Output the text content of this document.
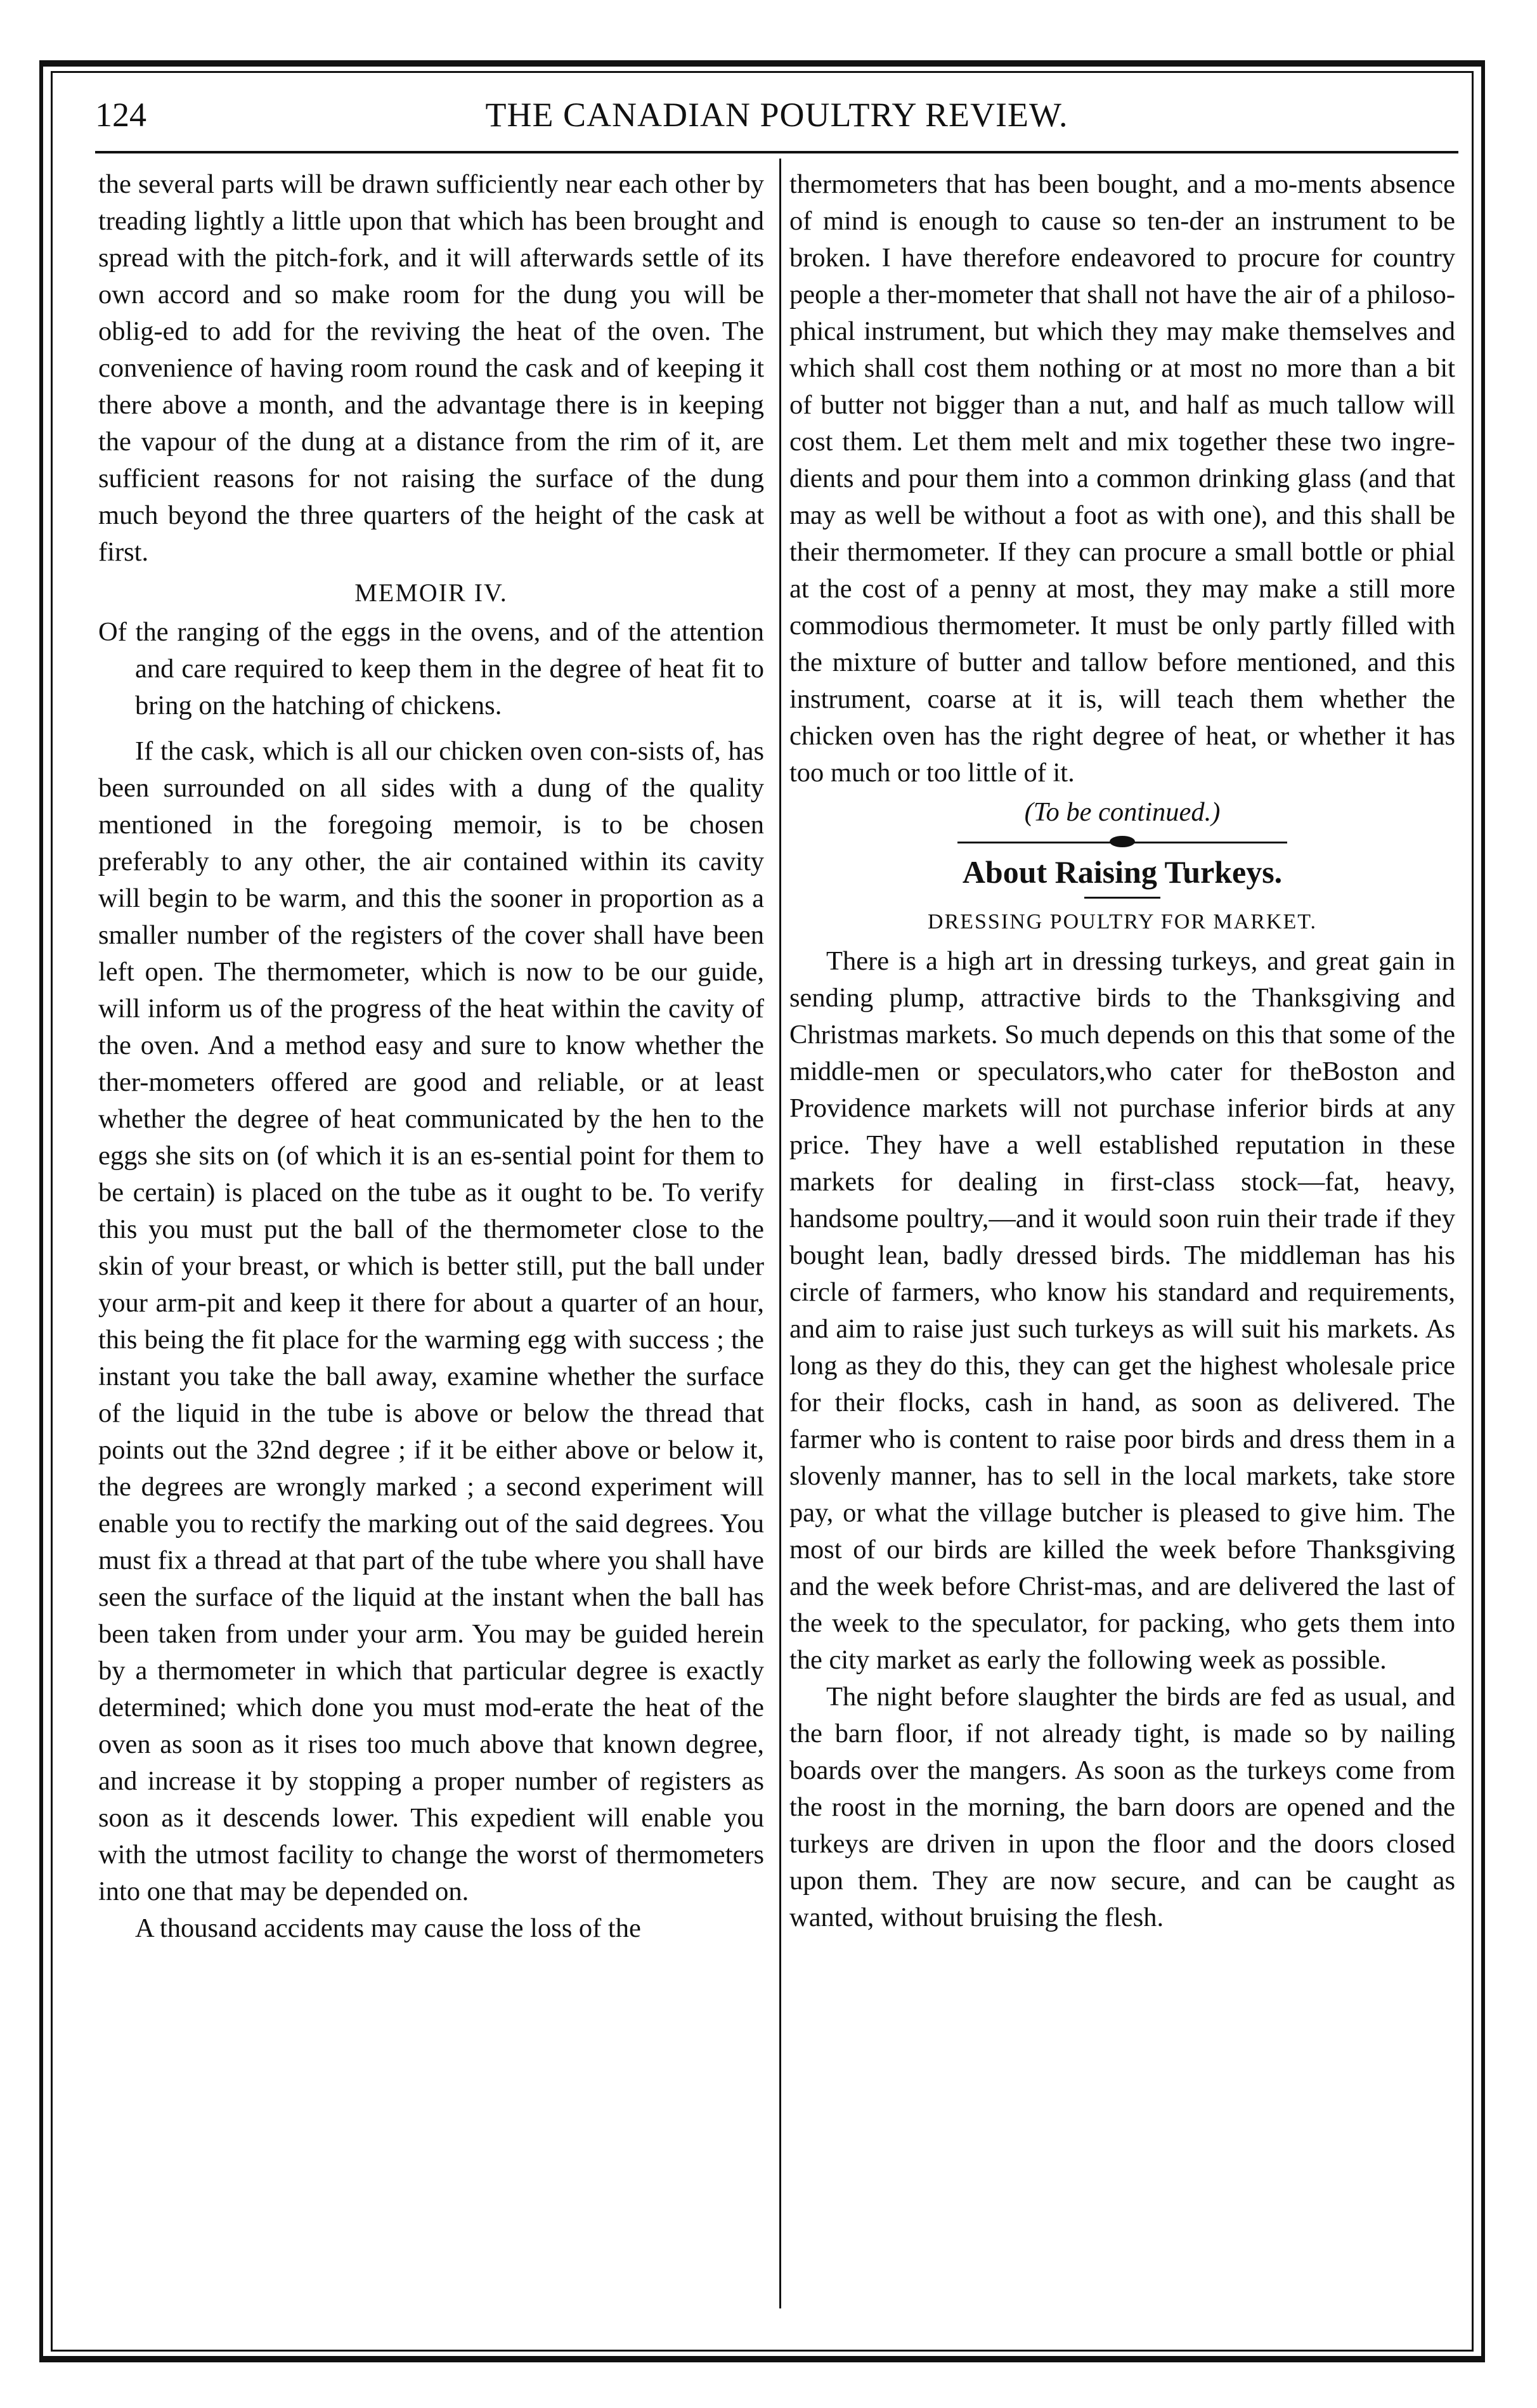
THE CANADIAN POULTRY REVIEW.
124

the several parts will be drawn sufficiently near each other by treading lightly a little upon that which has been brought and spread with the pitch-fork, and it will afterwards settle of its own accord and so make room for the dung you will be oblig-ed to add for the reviving the heat of the oven. The convenience of having room round the cask and of keeping it there above a month, and the advantage there is in keeping the vapour of the dung at a distance from the rim of it, are sufficient reasons for not raising the surface of the dung much beyond the three quarters of the height of the cask at first.

MEMOIR IV.

Of the ranging of the eggs in the ovens, and of the attention and care required to keep them in the degree of heat fit to bring on the hatching of chickens.

If the cask, which is all our chicken oven con-sists of, has been surrounded on all sides with a dung of the quality mentioned in the foregoing memoir, is to be chosen preferably to any other, the air contained within its cavity will begin to be warm, and this the sooner in proportion as a smaller number of the registers of the cover shall have been left open. The thermometer, which is now to be our guide, will inform us of the progress of the heat within the cavity of the oven. And a method easy and sure to know whether the ther-mometers offered are good and reliable, or at least whether the degree of heat communicated by the hen to the eggs she sits on (of which it is an es-sential point for them to be certain) is placed on the tube as it ought to be. To verify this you must put the ball of the thermometer close to the skin of your breast, or which is better still, put the ball under your arm-pit and keep it there for about a quarter of an hour, this being the fit place for the warming egg with success ; the instant you take the ball away, examine whether the surface of the liquid in the tube is above or below the thread that points out the 32nd degree ; if it be either above or below it, the degrees are wrongly marked ; a second experiment will enable you to rectify the marking out of the said degrees. You must fix a thread at that part of the tube where you shall have seen the surface of the liquid at the instant when the ball has been taken from under your arm. You may be guided herein by a thermometer in which that particular degree is exactly determined; which done you must mod-erate the heat of the oven as soon as it rises too much above that known degree, and increase it by stopping a proper number of registers as soon as it descends lower. This expedient will enable you with the utmost facility to change the worst of thermometers into one that may be depended on.

A thousand accidents may cause the loss of the

thermometers that has been bought, and a mo-ments absence of mind is enough to cause so ten-der an instrument to be broken. I have therefore endeavored to procure for country people a ther-mometer that shall not have the air of a philoso-phical instrument, but which they may make themselves and which shall cost them nothing or at most no more than a bit of butter not bigger than a nut, and half as much tallow will cost them. Let them melt and mix together these two ingre-dients and pour them into a common drinking glass (and that may as well be without a foot as with one), and this shall be their thermometer. If they can procure a small bottle or phial at the cost of a penny at most, they may make a still more commodious thermometer. It must be only partly filled with the mixture of butter and tallow before mentioned, and this instrument, coarse at it is, will teach them whether the chicken oven has the right degree of heat, or whether it has too much or too little of it.

(To be continued.)
About Raising Turkeys.
DRESSING POULTRY FOR MARKET.

There is a high art in dressing turkeys, and great gain in sending plump, attractive birds to the Thanksgiving and Christmas markets. So much depends on this that some of the middle-men or speculators,who cater for theBoston and Providence markets will not purchase inferior birds at any price. They have a well established reputation in these markets for dealing in first-class stock—fat, heavy, handsome poultry,—and it would soon ruin their trade if they bought lean, badly dressed birds. The middleman has his circle of farmers, who know his standard and requirements, and aim to raise just such turkeys as will suit his markets. As long as they do this, they can get the highest wholesale price for their flocks, cash in hand, as soon as delivered. The farmer who is content to raise poor birds and dress them in a slovenly manner, has to sell in the local markets, take store pay, or what the village butcher is pleased to give him. The most of our birds are killed the week before Thanksgiving and the week before Christ-mas, and are delivered the last of the week to the speculator, for packing, who gets them into the city market as early the following week as possible.

The night before slaughter the birds are fed as usual, and the barn floor, if not already tight, is made so by nailing boards over the mangers. As soon as the turkeys come from the roost in the morning, the barn doors are opened and the turkeys are driven in upon the floor and the doors closed upon them. They are now secure, and can be caught as wanted, without bruising the flesh.
